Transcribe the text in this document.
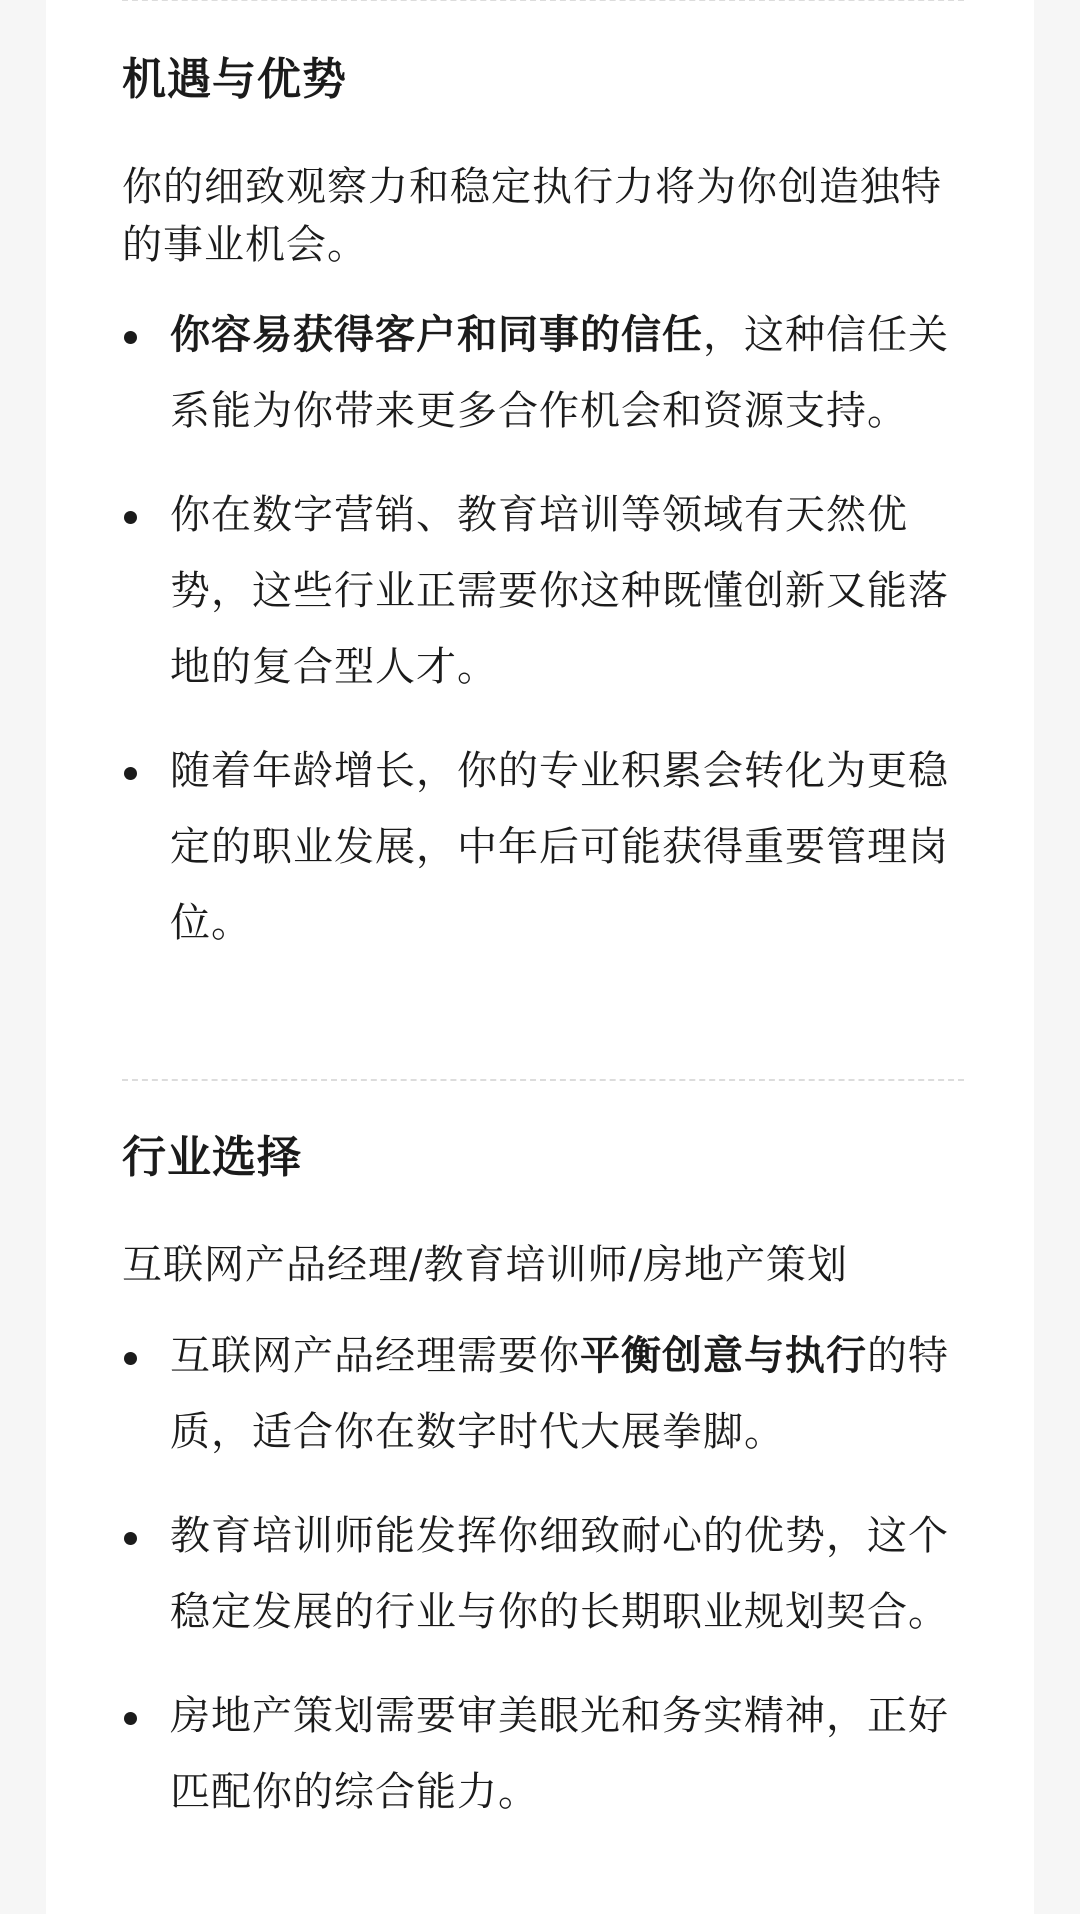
机遇与优势

你的细致观察力和稳定执行力将为你创造独特的事业机会。

你容易获得客户和同事的信任，这种信任关系能为你带来更多合作机会和资源支持。
你在数字营销、教育培训等领域有天然优势，这些行业正需要你这种既懂创新又能落地的复合型人才。
随着年龄增长，你的专业积累会转化为更稳定的职业发展，中年后可能获得重要管理岗位。
行业选择

互联网产品经理/教育培训师/房地产策划

互联网产品经理需要你平衡创意与执行的特质，适合你在数字时代大展拳脚。
教育培训师能发挥你细致耐心的优势，这个稳定发展的行业与你的长期职业规划契合。
房地产策划需要审美眼光和务实精神，正好匹配你的综合能力。
